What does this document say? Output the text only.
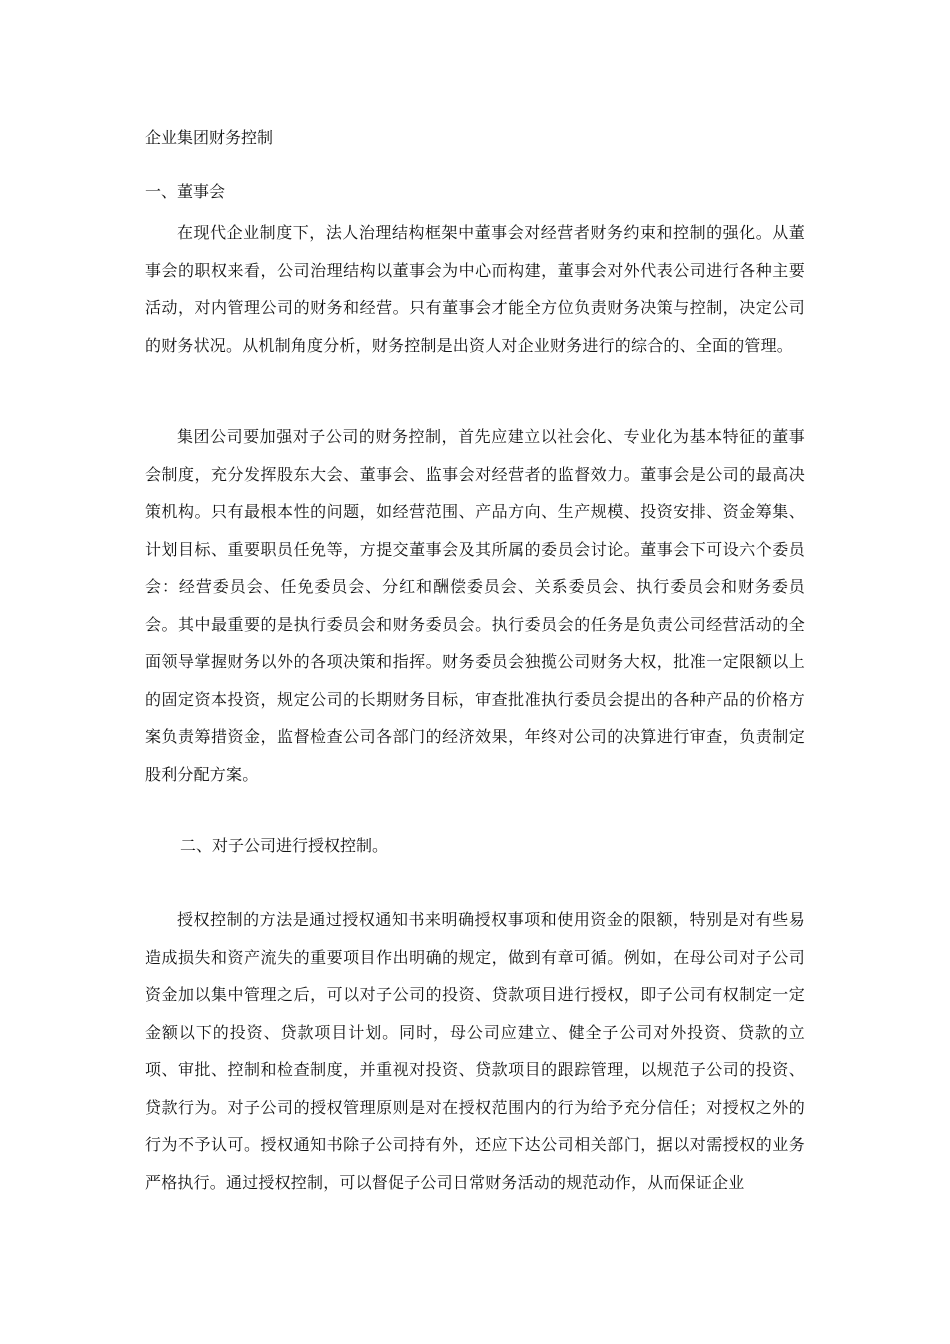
企业集团财务控制
一、董事会

在现代企业制度下，法人治理结构框架中董事会对经营者财务约束和控制的强化。从董事会的职权来看，公司治理结构以董事会为中心而构建，董事会对外代表公司进行各种主要活动，对内管理公司的财务和经营。只有董事会才能全方位负责财务决策与控制，决定公司的财务状况。从机制角度分析，财务控制是出资人对企业财务进行的综合的、全面的管理。

集团公司要加强对子公司的财务控制，首先应建立以社会化、专业化为基本特征的董事会制度，充分发挥股东大会、董事会、监事会对经营者的监督效力。董事会是公司的最高决策机构。只有最根本性的问题，如经营范围、产品方向、生产规模、投资安排、资金筹集、计划目标、重要职员任免等，方提交董事会及其所属的委员会讨论。董事会下可设六个委员会：经营委员会、任免委员会、分红和酬偿委员会、关系委员会、执行委员会和财务委员会。其中最重要的是执行委员会和财务委员会。执行委员会的任务是负责公司经营活动的全面领导掌握财务以外的各项决策和指挥。财务委员会独揽公司财务大权，批准一定限额以上的固定资本投资，规定公司的长期财务目标，审查批准执行委员会提出的各种产品的价格方案负责筹措资金，监督检查公司各部门的经济效果，年终对公司的决算进行审查，负责制定股利分配方案。

二、对子公司进行授权控制。

授权控制的方法是通过授权通知书来明确授权事项和使用资金的限额，特别是对有些易造成损失和资产流失的重要项目作出明确的规定，做到有章可循。例如，在母公司对子公司资金加以集中管理之后，可以对子公司的投资、贷款项目进行授权，即子公司有权制定一定金额以下的投资、贷款项目计划。同时，母公司应建立、健全子公司对外投资、贷款的立项、审批、控制和检查制度，并重视对投资、贷款项目的跟踪管理，以规范子公司的投资、贷款行为。对子公司的授权管理原则是对在授权范围内的行为给予充分信任；对授权之外的行为不予认可。授权通知书除子公司持有外，还应下达公司相关部门，据以对需授权的业务严格执行。通过授权控制，可以督促子公司日常财务活动的规范动作，从而保证企业
